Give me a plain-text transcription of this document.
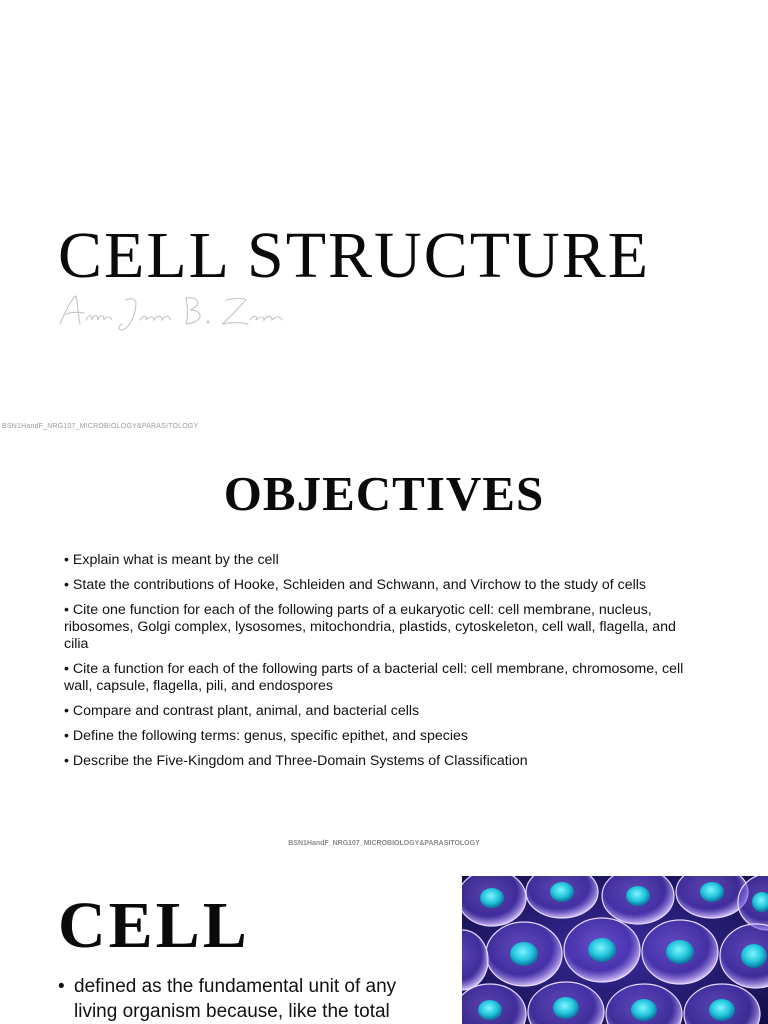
CELL STRUCTURE
BSN1HandF_NRG107_MICROBIOLOGY&PARASITOLOGY
OBJECTIVES
• Explain what is meant by the cell
• State the contributions of Hooke, Schleiden and Schwann, and Virchow to the study of cells
• Cite one function for each of the following parts of a eukaryotic cell: cell membrane, nucleus, ribosomes, Golgi complex, lysosomes, mitochondria, plastids, cytoskeleton, cell wall, flagella, and cilia
• Cite a function for each of the following parts of a bacterial cell: cell membrane, chromosome, cell wall, capsule, flagella, pili, and endospores
• Compare and contrast plant, animal, and bacterial cells
• Define the following terms: genus, specific epithet, and species
• Describe the Five-Kingdom and Three-Domain Systems of Classification
BSN1HandF_NRG107_MICROBIOLOGY&PARASITOLOGY
CELL
• defined as the fundamental unit of any
living organism because, like the total
